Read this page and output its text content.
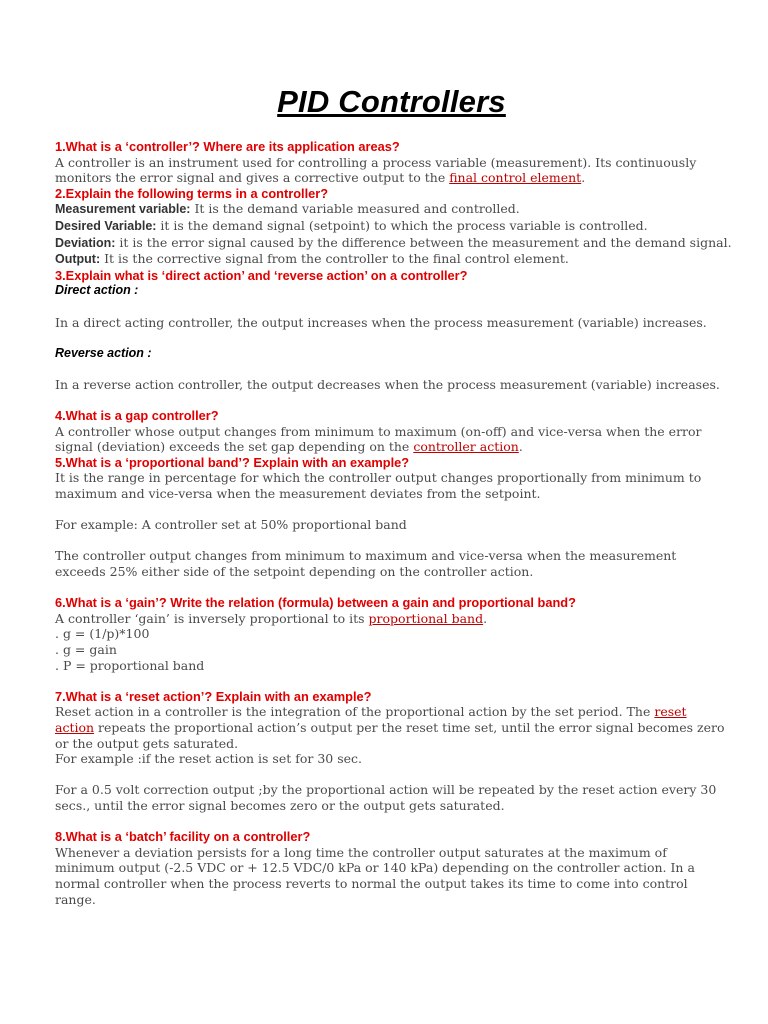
PID Controllers
1.What is a ‘controller’? Where are its application areas?
A controller is an instrument used for controlling a process variable (measurement). Its continuously monitors the error signal and gives a corrective output to the final control element.
2.Explain the following terms in a controller?
Measurement variable: It is the demand variable measured and controlled.
Desired Variable: it is the demand signal (setpoint) to which the process variable is controlled.
Deviation: it is the error signal caused by the difference between the measurement and the demand signal.
Output: It is the corrective signal from the controller to the final control element.
3.Explain what is ‘direct action’ and ‘reverse action’ on a controller?
Direct action :
In a direct acting controller, the output increases when the process measurement (variable) increases.
Reverse action :
In a reverse action controller, the output decreases when the process measurement (variable) increases.
4.What is a gap controller?
A controller whose output changes from minimum to maximum (on-off) and vice-versa when the error signal (deviation) exceeds the set gap depending on the controller action.
5.What is a ‘proportional band’? Explain with an example?
It is the range in percentage for which the controller output changes proportionally from minimum to maximum and vice-versa when the measurement deviates from the setpoint.
For example: A controller set at 50% proportional band
The controller output changes from minimum to maximum and vice-versa when the measurement exceeds 25% either side of the setpoint depending on the controller action.
6.What is a ‘gain’? Write the relation (formula) between a gain and proportional band?
A controller ‘gain’ is inversely proportional to its proportional band.
. g = (1/p)*100
. g = gain
. P = proportional band
7.What is a ‘reset action’? Explain with an example?
Reset action in a controller is the integration of the proportional action by the set period. The reset action repeats the proportional action’s output per the reset time set, until the error signal becomes zero or the output gets saturated.
For example :if the reset action is set for 30 sec.
For a 0.5 volt correction output ;by the proportional action will be repeated by the reset action every 30 secs., until the error signal becomes zero or the output gets saturated.
8.What is a ‘batch’ facility on a controller?
Whenever a deviation persists for a long time the controller output saturates at the maximum of minimum output (-2.5 VDC or + 12.5 VDC/0 kPa or 140 kPa) depending on the controller action. In a normal controller when the process reverts to normal the output takes its time to come into control range.
